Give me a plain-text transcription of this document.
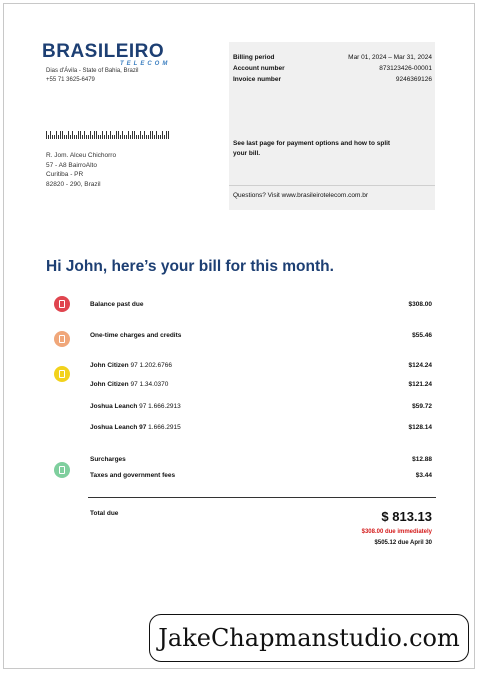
BRASILEIRO
TELECOM
Dias d'Ávila - State of Bahia, Brazil
+55 71 3625-6479
Billing period	Mar 01, 2024 – Mar 31, 2024
Account number	873123426-00001
Invoice number	9246369126
See last page for payment options and how to split your bill.
Questions? Visit www.brasileirotelecom.com.br
R. Jom. Alceu Chichorro
57 - A8 BairroAlto
Curitiba - PR
82820 - 290, Brazil
Hi John, here’s your bill for this month.
Balance past due	$308.00
One-time charges and credits	$55.46
John Citizen 97 1.202.6766	$124.24
John Citizen 97 1.34.0370	$121.24
Joshua Leanch 97 1.666.2913	$59.72
Joshua Leanch 97 1.666.2915	$128.14
Surcharges	$12.88
Taxes and government fees	$3.44
Total due	$ 813.13
$308.00 due immediately
$505.12 due April 30
JakeChapmanstudio.com
